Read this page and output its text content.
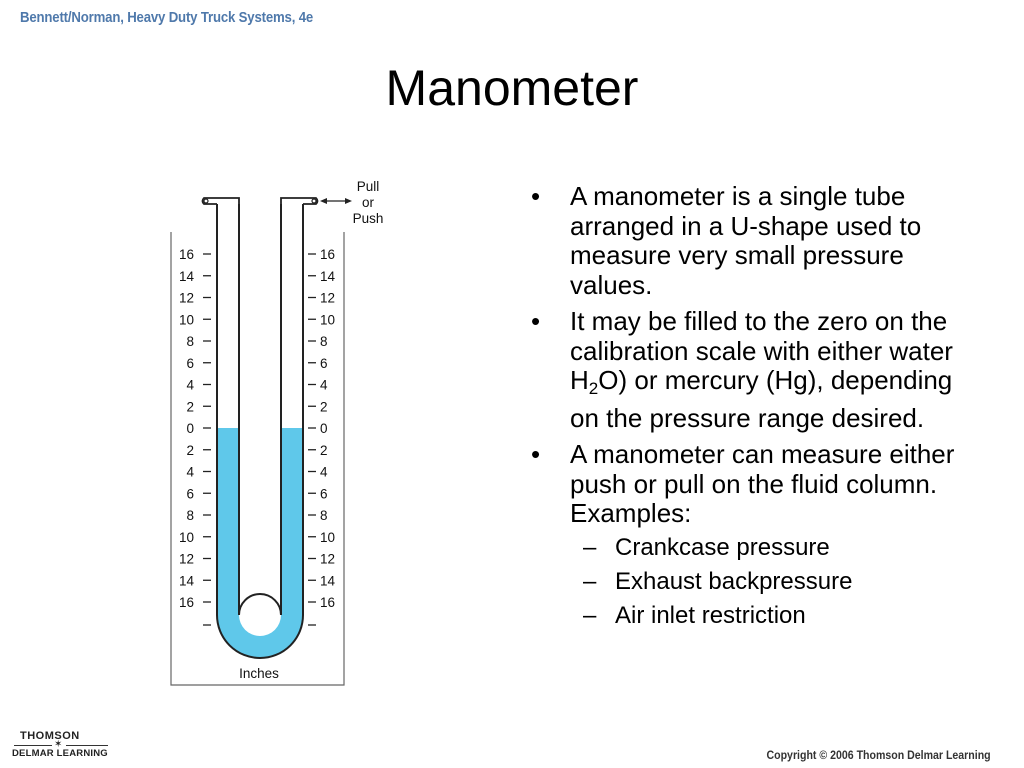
Bennett/Norman, Heavy Duty Truck Systems, 4e
Manometer
Pull
or
Push
16
14
12
10
8
6
4
2
0
2
4
6
8
10
12
14
16
16
14
12
10
8
6
4
2
0
2
4
6
8
10
12
14
16
Inches
• A manometer is a single tube arranged in a U-shape used to measure very small pressure values.
• It may be filled to the zero on the calibration scale with either water H2O) or mercury (Hg), depending on the pressure range desired.
• A manometer can measure either push or pull on the fluid column. Examples:
– Crankcase pressure
– Exhaust backpressure
– Air inlet restriction
THOMSON
✶
DELMAR LEARNING	Copyright © 2006 Thomson Delmar Learning
